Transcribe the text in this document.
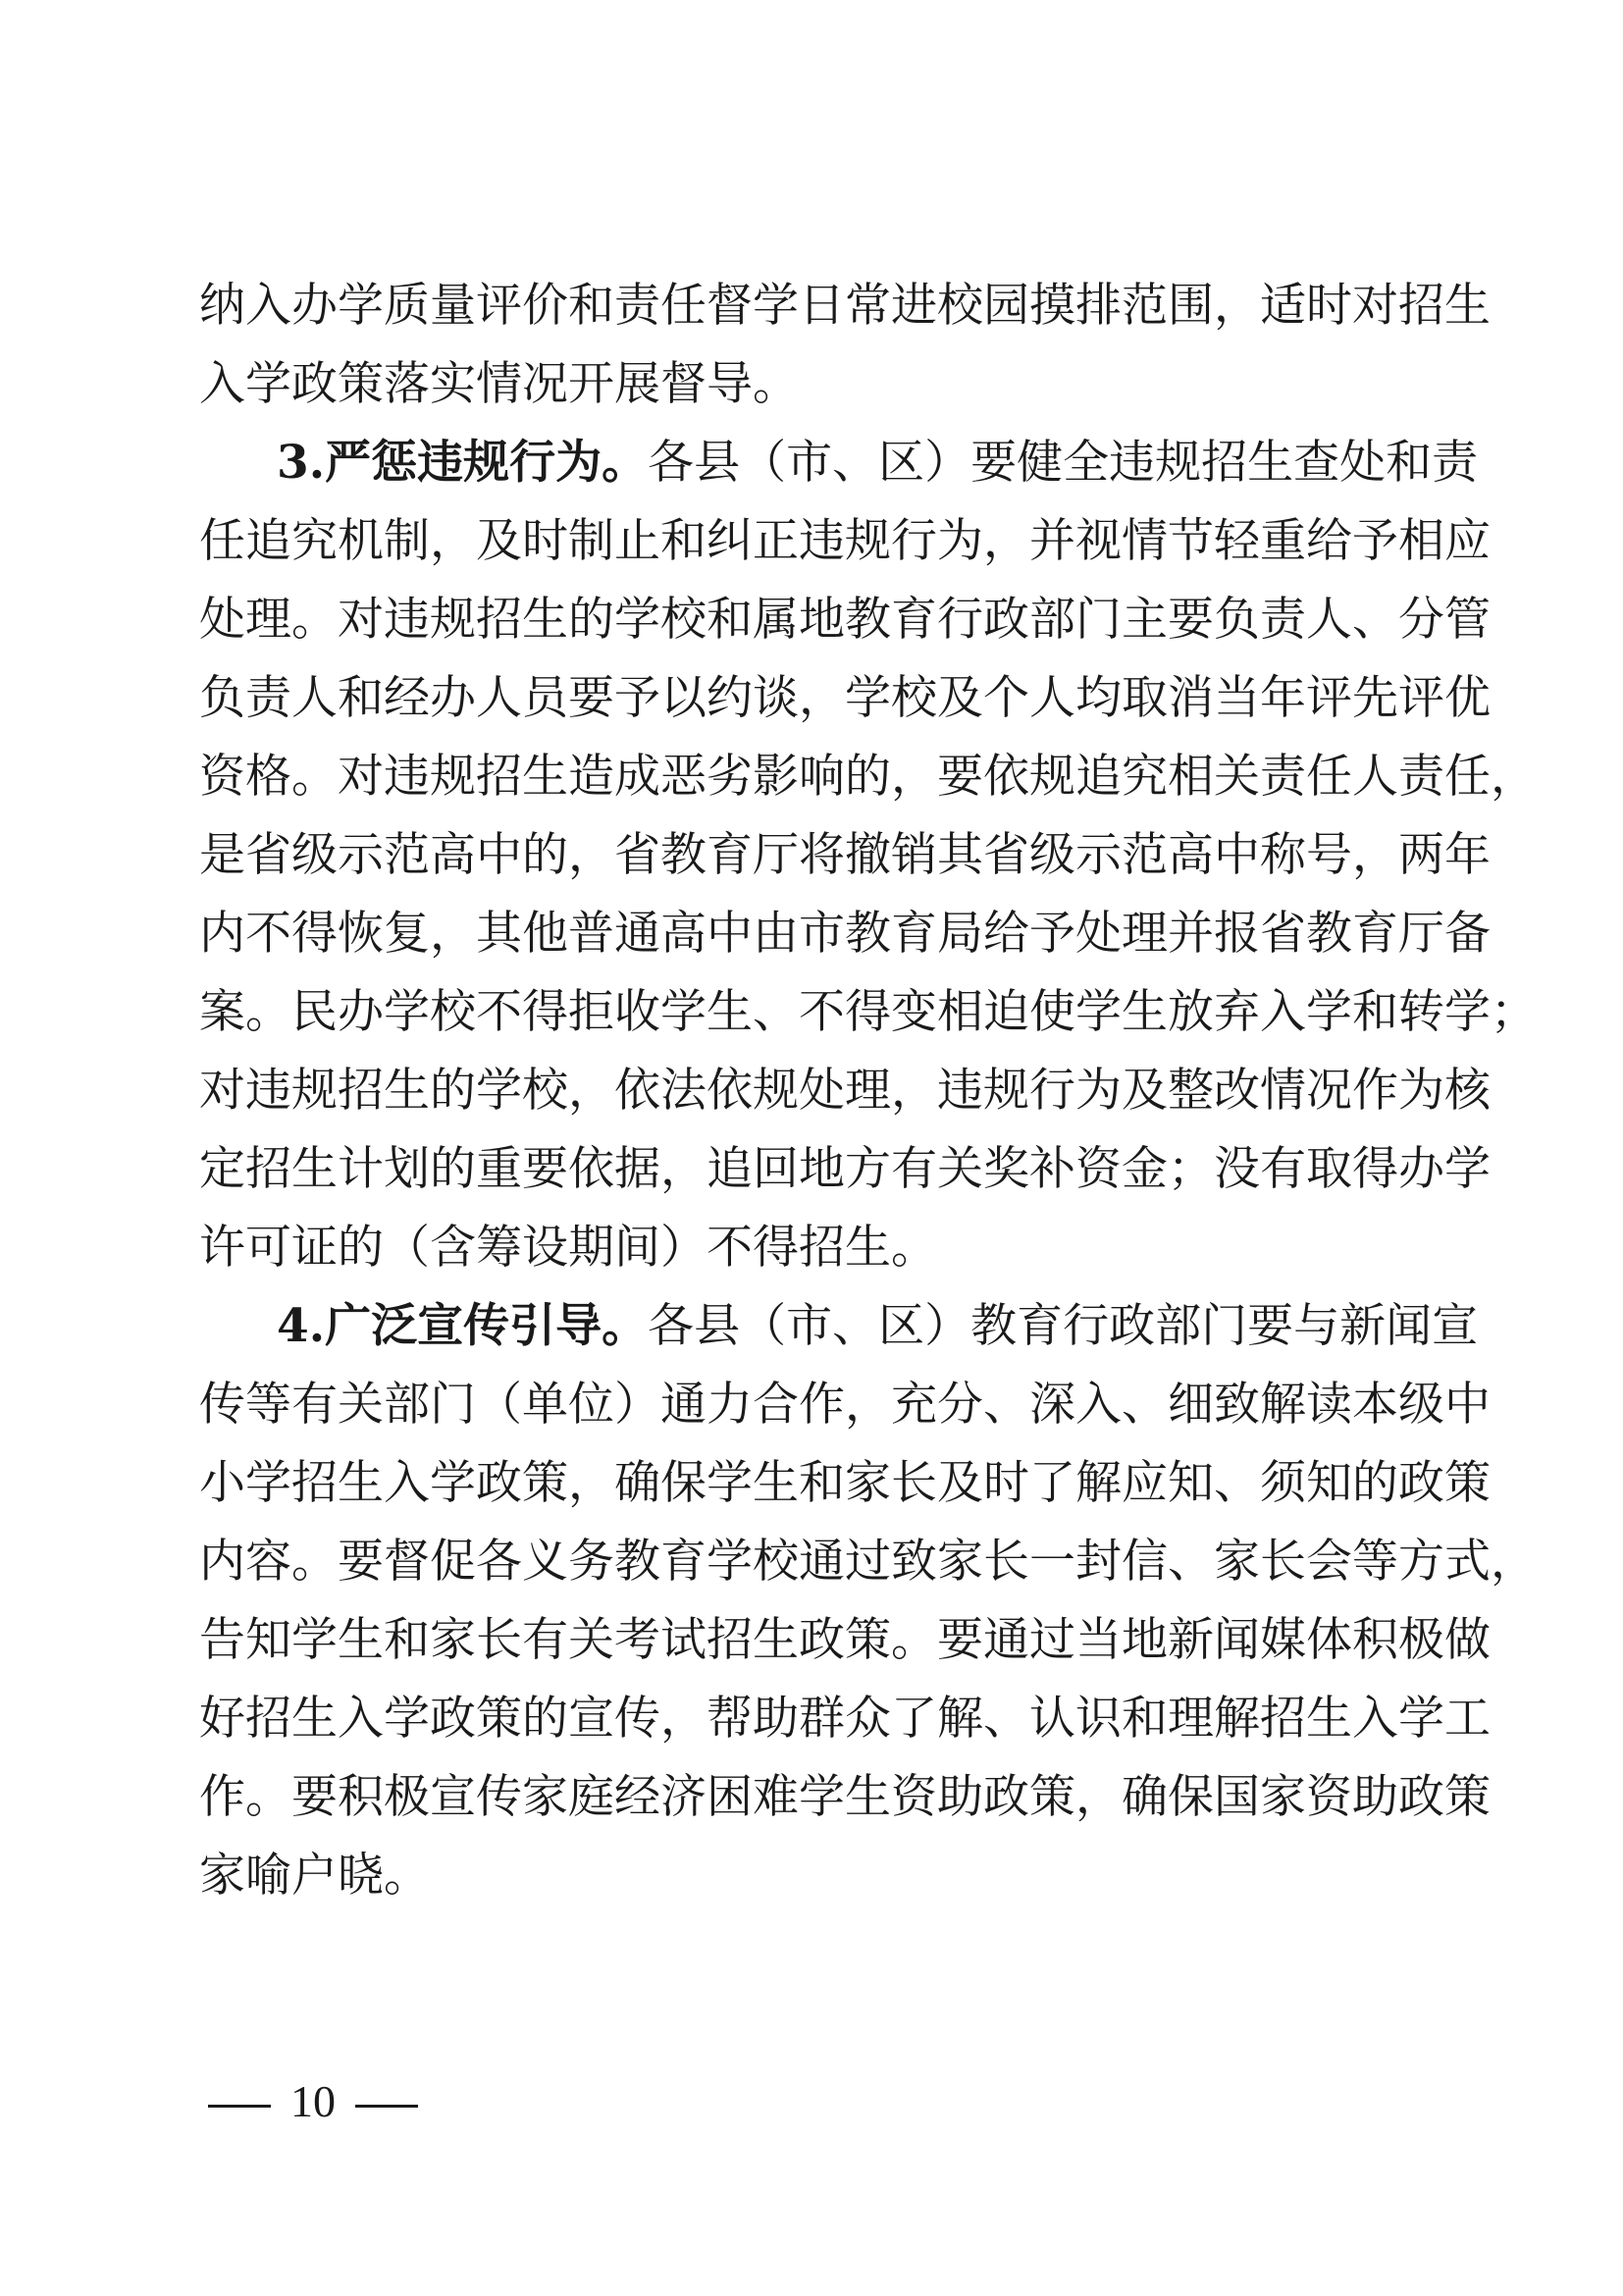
纳入办学质量评价和责任督学日常进校园摸排范围，适时对招生
入学政策落实情况开展督导。
3.严惩违规行为。各县（市、区）要健全违规招生查处和责
任追究机制，及时制止和纠正违规行为，并视情节轻重给予相应
处理。对违规招生的学校和属地教育行政部门主要负责人、分管
负责人和经办人员要予以约谈，学校及个人均取消当年评先评优
资格。对违规招生造成恶劣影响的，要依规追究相关责任人责任，
是省级示范高中的，省教育厅将撤销其省级示范高中称号，两年
内不得恢复，其他普通高中由市教育局给予处理并报省教育厅备
案。民办学校不得拒收学生、不得变相迫使学生放弃入学和转学；
对违规招生的学校，依法依规处理，违规行为及整改情况作为核
定招生计划的重要依据，追回地方有关奖补资金；没有取得办学
许可证的（含筹设期间）不得招生。
4.广泛宣传引导。各县（市、区）教育行政部门要与新闻宣
传等有关部门（单位）通力合作，充分、深入、细致解读本级中
小学招生入学政策，确保学生和家长及时了解应知、须知的政策
内容。要督促各义务教育学校通过致家长一封信、家长会等方式，
告知学生和家长有关考试招生政策。要通过当地新闻媒体积极做
好招生入学政策的宣传，帮助群众了解、认识和理解招生入学工
作。要积极宣传家庭经济困难学生资助政策，确保国家资助政策
家喻户晓。
10
